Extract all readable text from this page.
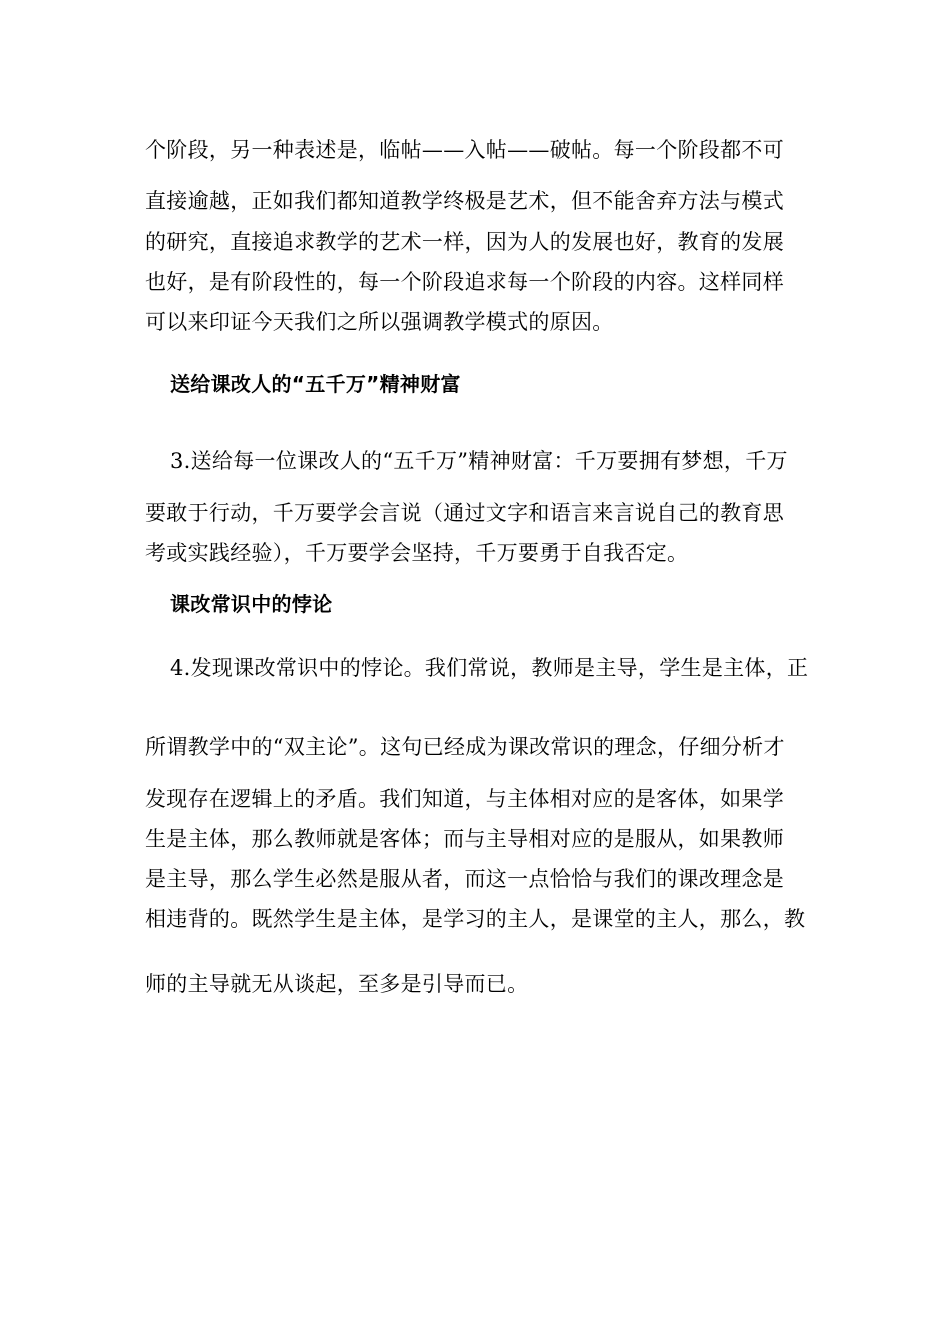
个阶段，另一种表述是，临帖——入帖——破帖。每一个阶段都不可
直接逾越，正如我们都知道教学终极是艺术，但不能舍弃方法与模式
的研究，直接追求教学的艺术一样，因为人的发展也好，教育的发展
也好，是有阶段性的，每一个阶段追求每一个阶段的内容。这样同样
可以来印证今天我们之所以强调教学模式的原因。
送给课改人的“五千万”精神财富
3.送给每一位课改人的“五千万”精神财富：千万要拥有梦想，千万
要敢于行动，千万要学会言说（通过文字和语言来言说自己的教育思
考或实践经验），千万要学会坚持，千万要勇于自我否定。
课改常识中的悖论
4.发现课改常识中的悖论。我们常说，教师是主导，学生是主体，正
所谓教学中的“双主论”。这句已经成为课改常识的理念，仔细分析才
发现存在逻辑上的矛盾。我们知道，与主体相对应的是客体，如果学
生是主体，那么教师就是客体；而与主导相对应的是服从，如果教师
是主导，那么学生必然是服从者，而这一点恰恰与我们的课改理念是
相违背的。既然学生是主体，是学习的主人，是课堂的主人，那么，教
师的主导就无从谈起，至多是引导而已。
